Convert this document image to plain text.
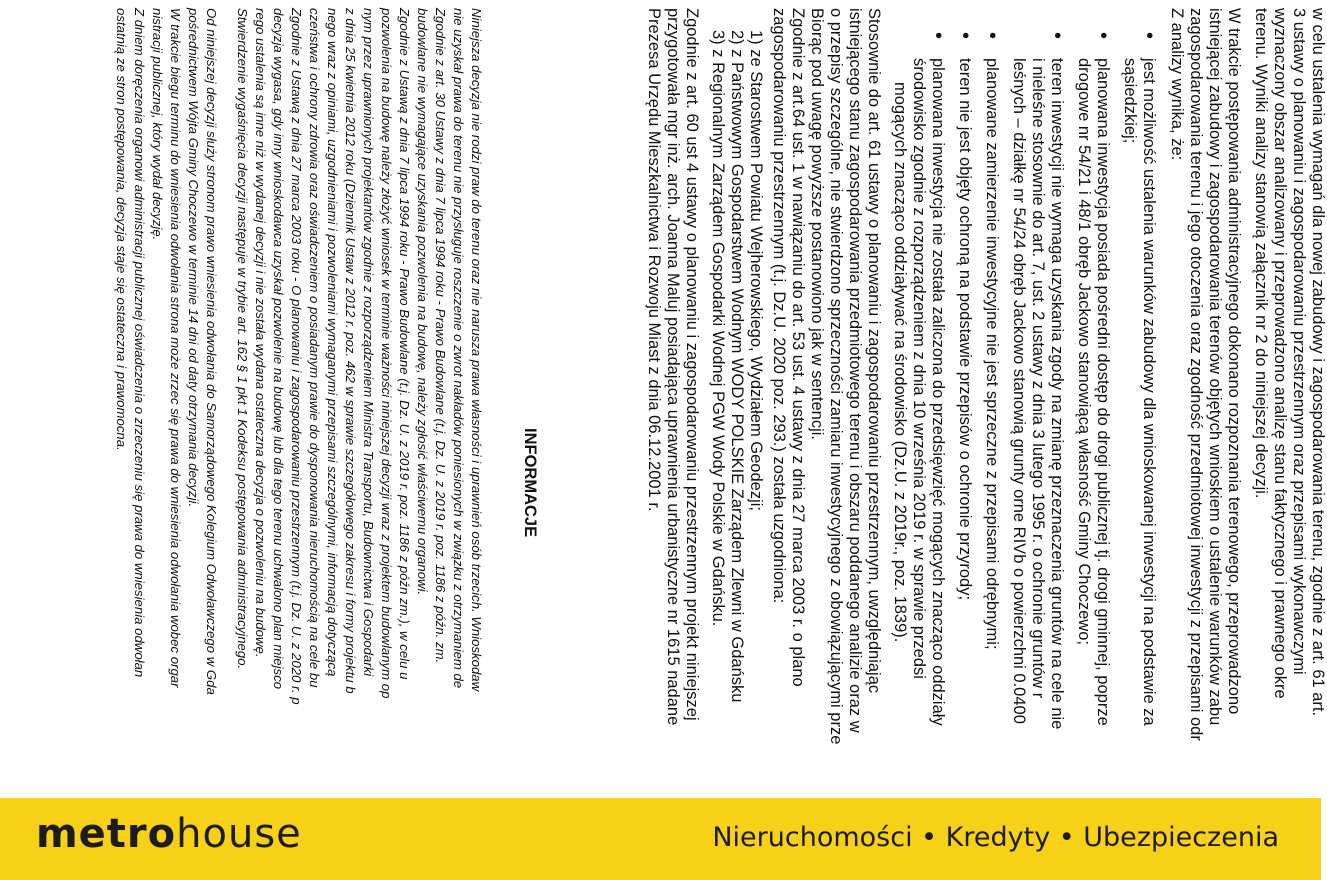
w celu ustalenia wymagań dla nowej zabudowy i zagospodarowania terenu, zgodnie z art. 61 art.
3 ustawy o planowaniu i zagospodarowaniu przestrzennym oraz przepisami wykonawczymi
wyznaczony obszar analizowany i przeprowadzono analizę stanu faktycznego i prawnego okre
terenu. Wyniki analizy stanowią załącznik nr 2 do niniejszej decyzji.
W trakcie postępowania administracyjnego dokonano rozpoznania terenowego, przeprowadzono
istniejącej zabudowy i zagospodarowania terenów objętych wnioskiem o ustalenie warunków zabu
zagospodarowania terenu i jego otoczenia oraz zgodność przedmiotowej inwestycji z przepisami odr
Z analizy wynika, że:
• jest możliwość ustalenia warunków zabudowy dla wnioskowanej inwestycji na podstawie za
sąsiedzkiej;
• planowana inwestycja posiada pośredni dostęp do drogi publicznej tj. drogi gminnej, poprze
drogowe nr 54/21 i 48/1 obręb Jackowo stanowiącą własność Gminy Choczewo;
• teren inwestycji nie wymaga uzyskania zgody na zmianę przeznaczenia gruntów na cele nie
i nieleśne stosownie do art. 7, ust. 2 ustawy z dnia 3 lutego 1995 r. o ochronie gruntów r
leśnych – działkę nr 54/24 obręb Jackowo stanowią grunty orne RIVb o powierzchni 0.0400
• planowane zamierzenie inwestycyjne nie jest sprzeczne z przepisami odrębnymi;
• teren nie jest objęty ochroną na podstawie przepisów o ochronie przyrody;
• planowana inwestycja nie została zaliczona do przedsięwzięć mogących znacząco oddziały
środowisko zgodnie z rozporządzeniem z dnia 10 września 2019 r. w sprawie przedsi
mogących znacząco oddziaływać na środowisko (Dz.U. z 2019r., poz. 1839).
Stosownie do art. 61 ustawy o planowaniu i zagospodarowaniu przestrzennym, uwzględniając
istniejącego stanu zagospodarowania przedmiotowego terenu i obszaru poddanego analizie oraz w
o przepisy szczególne, nie stwierdzono sprzeczności zamiaru inwestycyjnego z obowiązującymi prze
Biorąc pod uwagę powyższe postanowiono jak w sentencji.
Zgodnie z art.64 ust. 1 w nawiązaniu do art. 53 ust. 4 ustawy z dnia 27 marca 2003 r. o plano
zagospodarowaniu przestrzennym (t.j. Dz.U. 2020 poz. 293.) została uzgodniona:
1) ze Starostwem Powiatu Wejherowskiego, Wydziałem Geodezji;
2) z Państwowym Gospodarstwem Wodnym WODY POLSKIE Zarządem Zlewni w Gdańsku
3) z Regionalnym Zarządem Gospodarki Wodnej PGW Wody Polskie w Gdańsku.
Zgodnie z art. 60 ust 4 ustawy o planowaniu i zagospodarowaniu przestrzennym projekt niniejszej
przygotowała mgr inż. arch. Joanna Maluj posiadająca uprawnienia urbanistyczne nr 1615 nadane
Prezesa Urzędu Mieszkalnictwa i Rozwoju Miast z dnia 06.12.2001 r.
INFORMACJE
Niniejsza decyzja nie rodzi praw do terenu oraz nie narusza prawa własności i uprawnień osób trzecich. Wnioskodaw
nie uzyskał prawa do terenu nie przysługuje roszczenie o zwrot nakładów poniesionych w związku z otrzymaniem de
Zgodnie z art. 30 Ustawy z dnia 7 lipca 1994 roku - Prawo Budowlane (t.j. Dz. U. z 2019 r. poz. 1186 z późn. zm.
budowlane nie wymagające uzyskania pozwolenia na budowę, należy zgłosić właściwemu organowi.
Zgodnie z Ustawą z dnia 7 lipca 1994 roku - Prawo Budowlane (t.j. Dz. U. z 2019 r. poz. 1186 z późn zm.), w celu u
pozwolenia na budowę należy złożyć wniosek w terminie ważności niniejszej decyzji wraz z projektem budowlanym op
nym przez uprawnionych projektantów zgodnie z rozporządzeniem Ministra Transportu, Budownictwa i Gospodarki
z dnia 25 kwietnia 2012 roku (Dziennik Ustaw z 2012 r. poz. 462 w sprawie szczegółowego zakresu i formy projektu b
nego wraz z opiniami, uzgodnieniami i pozwoleniami wymaganymi przepisami szczególnymi, informacją dotyczącą
czeństwa i ochrony zdrowia oraz oświadczeniem o posiadanym prawie do dysponowania nieruchomością na cele bu
Zgodnie z Ustawą z dnia 27 marca 2003 roku - O planowaniu i zagospodarowaniu przestrzennym (t.j. Dz. U. z 2020 r. p
decyzja wygasa, gdy inny wnioskodawca uzyskał pozwolenie na budowę lub dla tego terenu uchwalono plan miejsco
rego ustalenia są inne niż w wydanej decyzji i nie została wydana ostateczna decyzja o pozwoleniu na budowę.
Stwierdzenie wygaśnięcia decyzji następuje w trybie art. 162 § 1 pkt 1 Kodeksu postępowania administracyjnego.
Od niniejszej decyzji służy stronom prawo wniesienia odwołania do Samorządowego Kolegium Odwoławczego w Gda
pośrednictwem Wójta Gminy Choczewo w terminie 14 dni od daty otrzymania decyzji.
W trakcie biegu terminu do wniesienia odwołania strona może zrzec się prawa do wniesienia odwołania wobec orgar
nistracji publicznej, który wydał decyzję.
Z dniem doręczenia organowi administracji publicznej oświadczenia o zrzeczeniu się prawa do wniesienia odwołan
ostatnią ze stron postępowania, decyzja staje się ostateczna i prawomocna.
metrohouse	Nieruchomości • Kredyty • Ubezpieczenia
